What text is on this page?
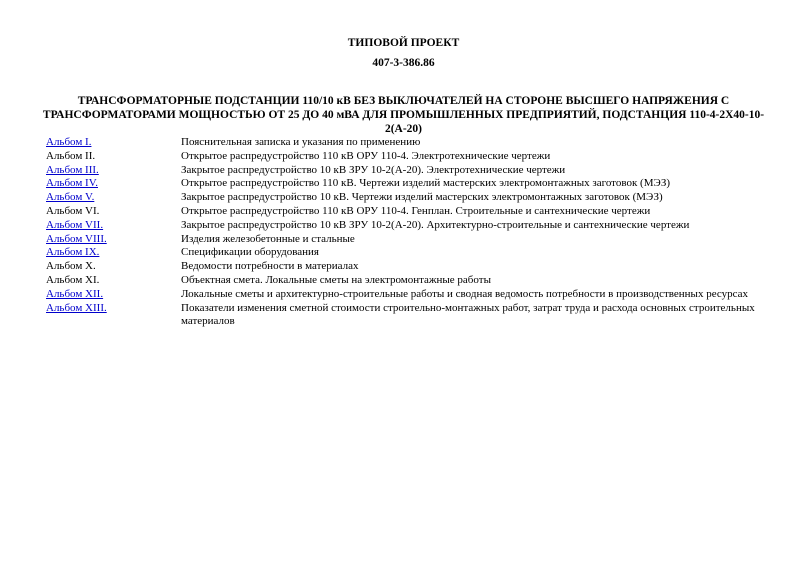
ТИПОВОЙ ПРОЕКТ
407-3-386.86
ТРАНСФОРМАТОРНЫЕ ПОДСТАНЦИИ 110/10 кВ БЕЗ ВЫКЛЮЧАТЕЛЕЙ НА СТОРОНЕ ВЫСШЕГО НАПРЯЖЕНИЯ С ТРАНСФОРМАТОРАМИ МОЩНОСТЬЮ ОТ 25 ДО 40 мВА ДЛЯ ПРОМЫШЛЕННЫХ ПРЕДПРИЯТИЙ, ПОДСТАНЦИЯ 110-4-2Х40-10-2(А-20)
Альбом I.	Пояснительная записка и указания по применению
Альбом II.	Открытое распредустройство 110 кВ ОРУ 110-4. Электротехнические чертежи
Альбом III.	Закрытое распредустройство 10 кВ ЗРУ 10-2(А-20). Электротехнические чертежи
Альбом IV.	Открытое распредустройство 110 кВ. Чертежи изделий мастерских электромонтажных заготовок (МЭЗ)
Альбом V.	Закрытое распредустройство 10 кВ. Чертежи изделий мастерских электромонтажных заготовок (МЭЗ)
Альбом VI.	Открытое распредустройство 110 кВ ОРУ 110-4. Генплан. Строительные и сантехнические чертежи
Альбом VII.	Закрытое распредустройство 10 кВ ЗРУ 10-2(А-20). Архитектурно-строительные и сантехнические чертежи
Альбом VIII.	Изделия железобетонные и стальные
Альбом IX.	Спецификации оборудования
Альбом X.	Ведомости потребности в материалах
Альбом XI.	Объектная смета. Локальные сметы на электромонтажные работы
Альбом XII.	Локальные сметы и архитектурно-строительные работы и сводная ведомость потребности в производственных ресурсах
Альбом XIII.	Показатели изменения сметной стоимости строительно-монтажных работ, затрат труда и расхода основных строительных материалов
